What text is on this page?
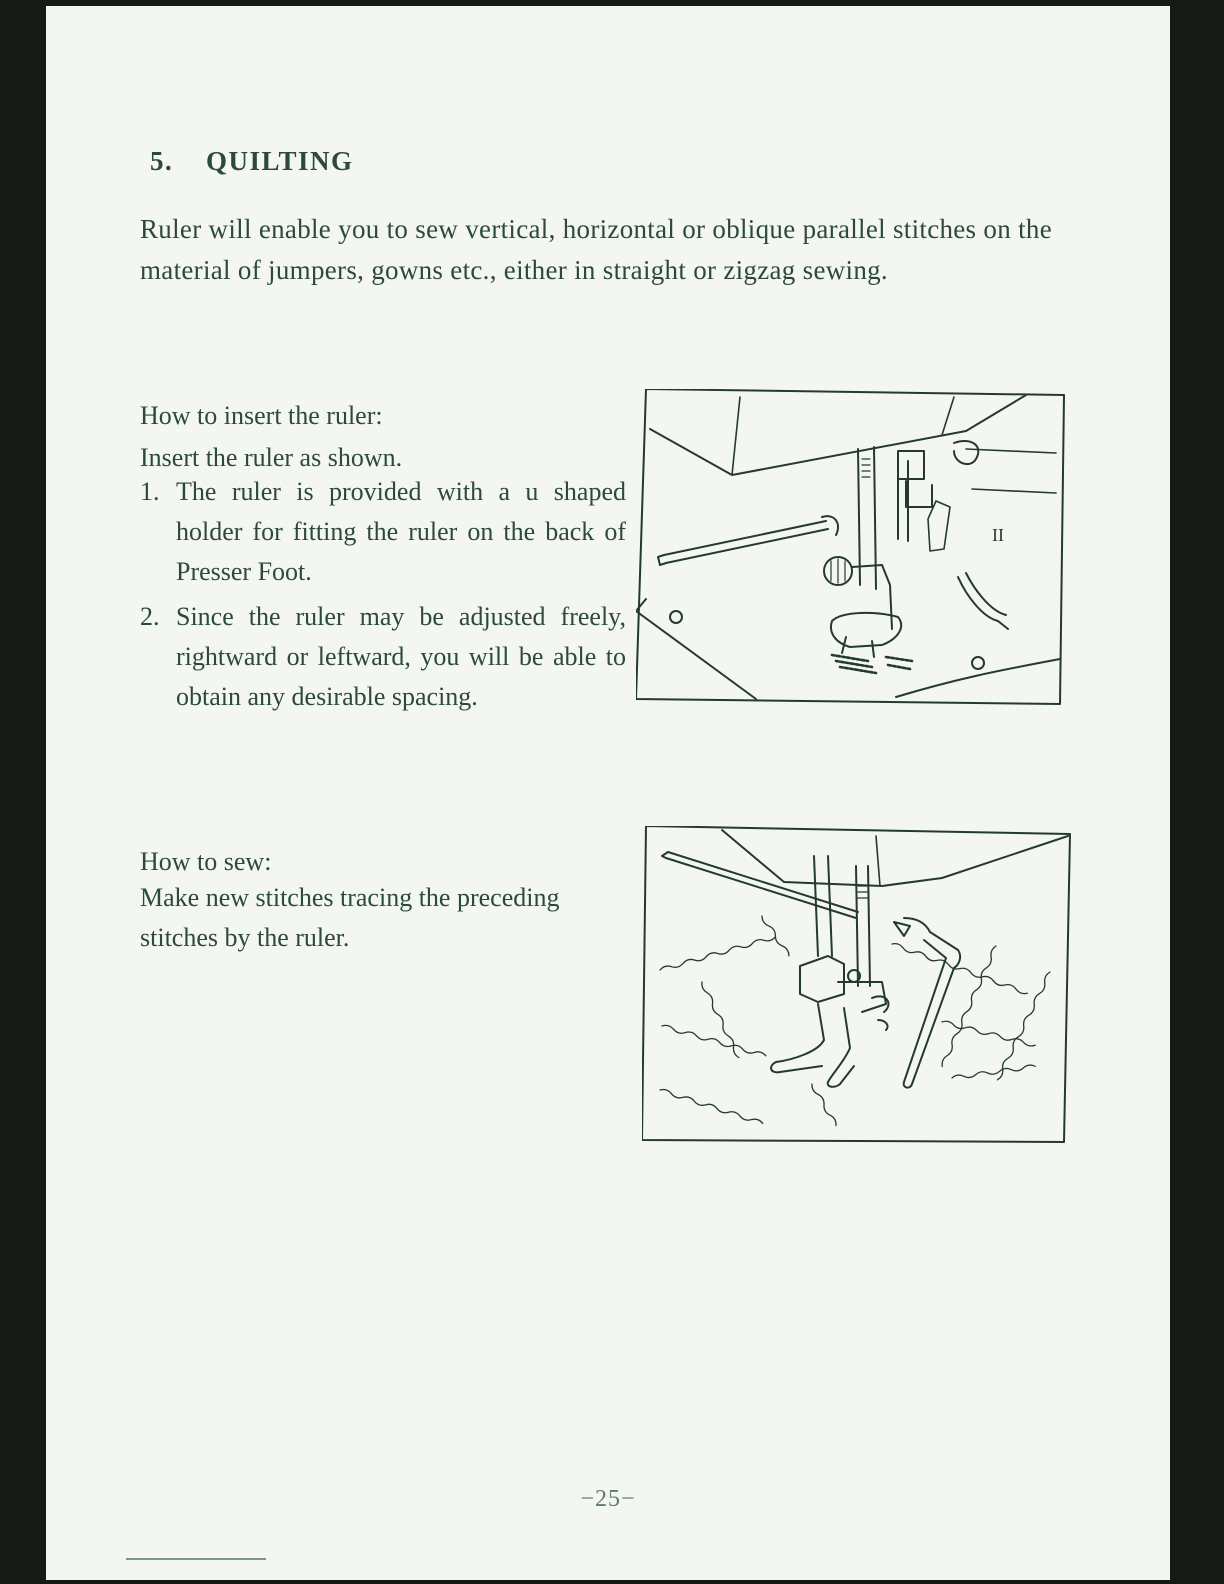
5. QUILTING

Ruler will enable you to sew vertical, horizontal or oblique parallel stitches on the material of jumpers, gowns etc., either in straight or zigzag sewing.

How to insert the ruler:

Insert the ruler as shown.

1. The ruler is provided with a u shaped holder for fitting the ruler on the back of Presser Foot.
2. Since the ruler may be adjusted freely, rightward or leftward, you will be able to obtain any desirable spacing.

How to sew:

Make new stitches tracing the preceding stitches by the ruler.

II
−25−
